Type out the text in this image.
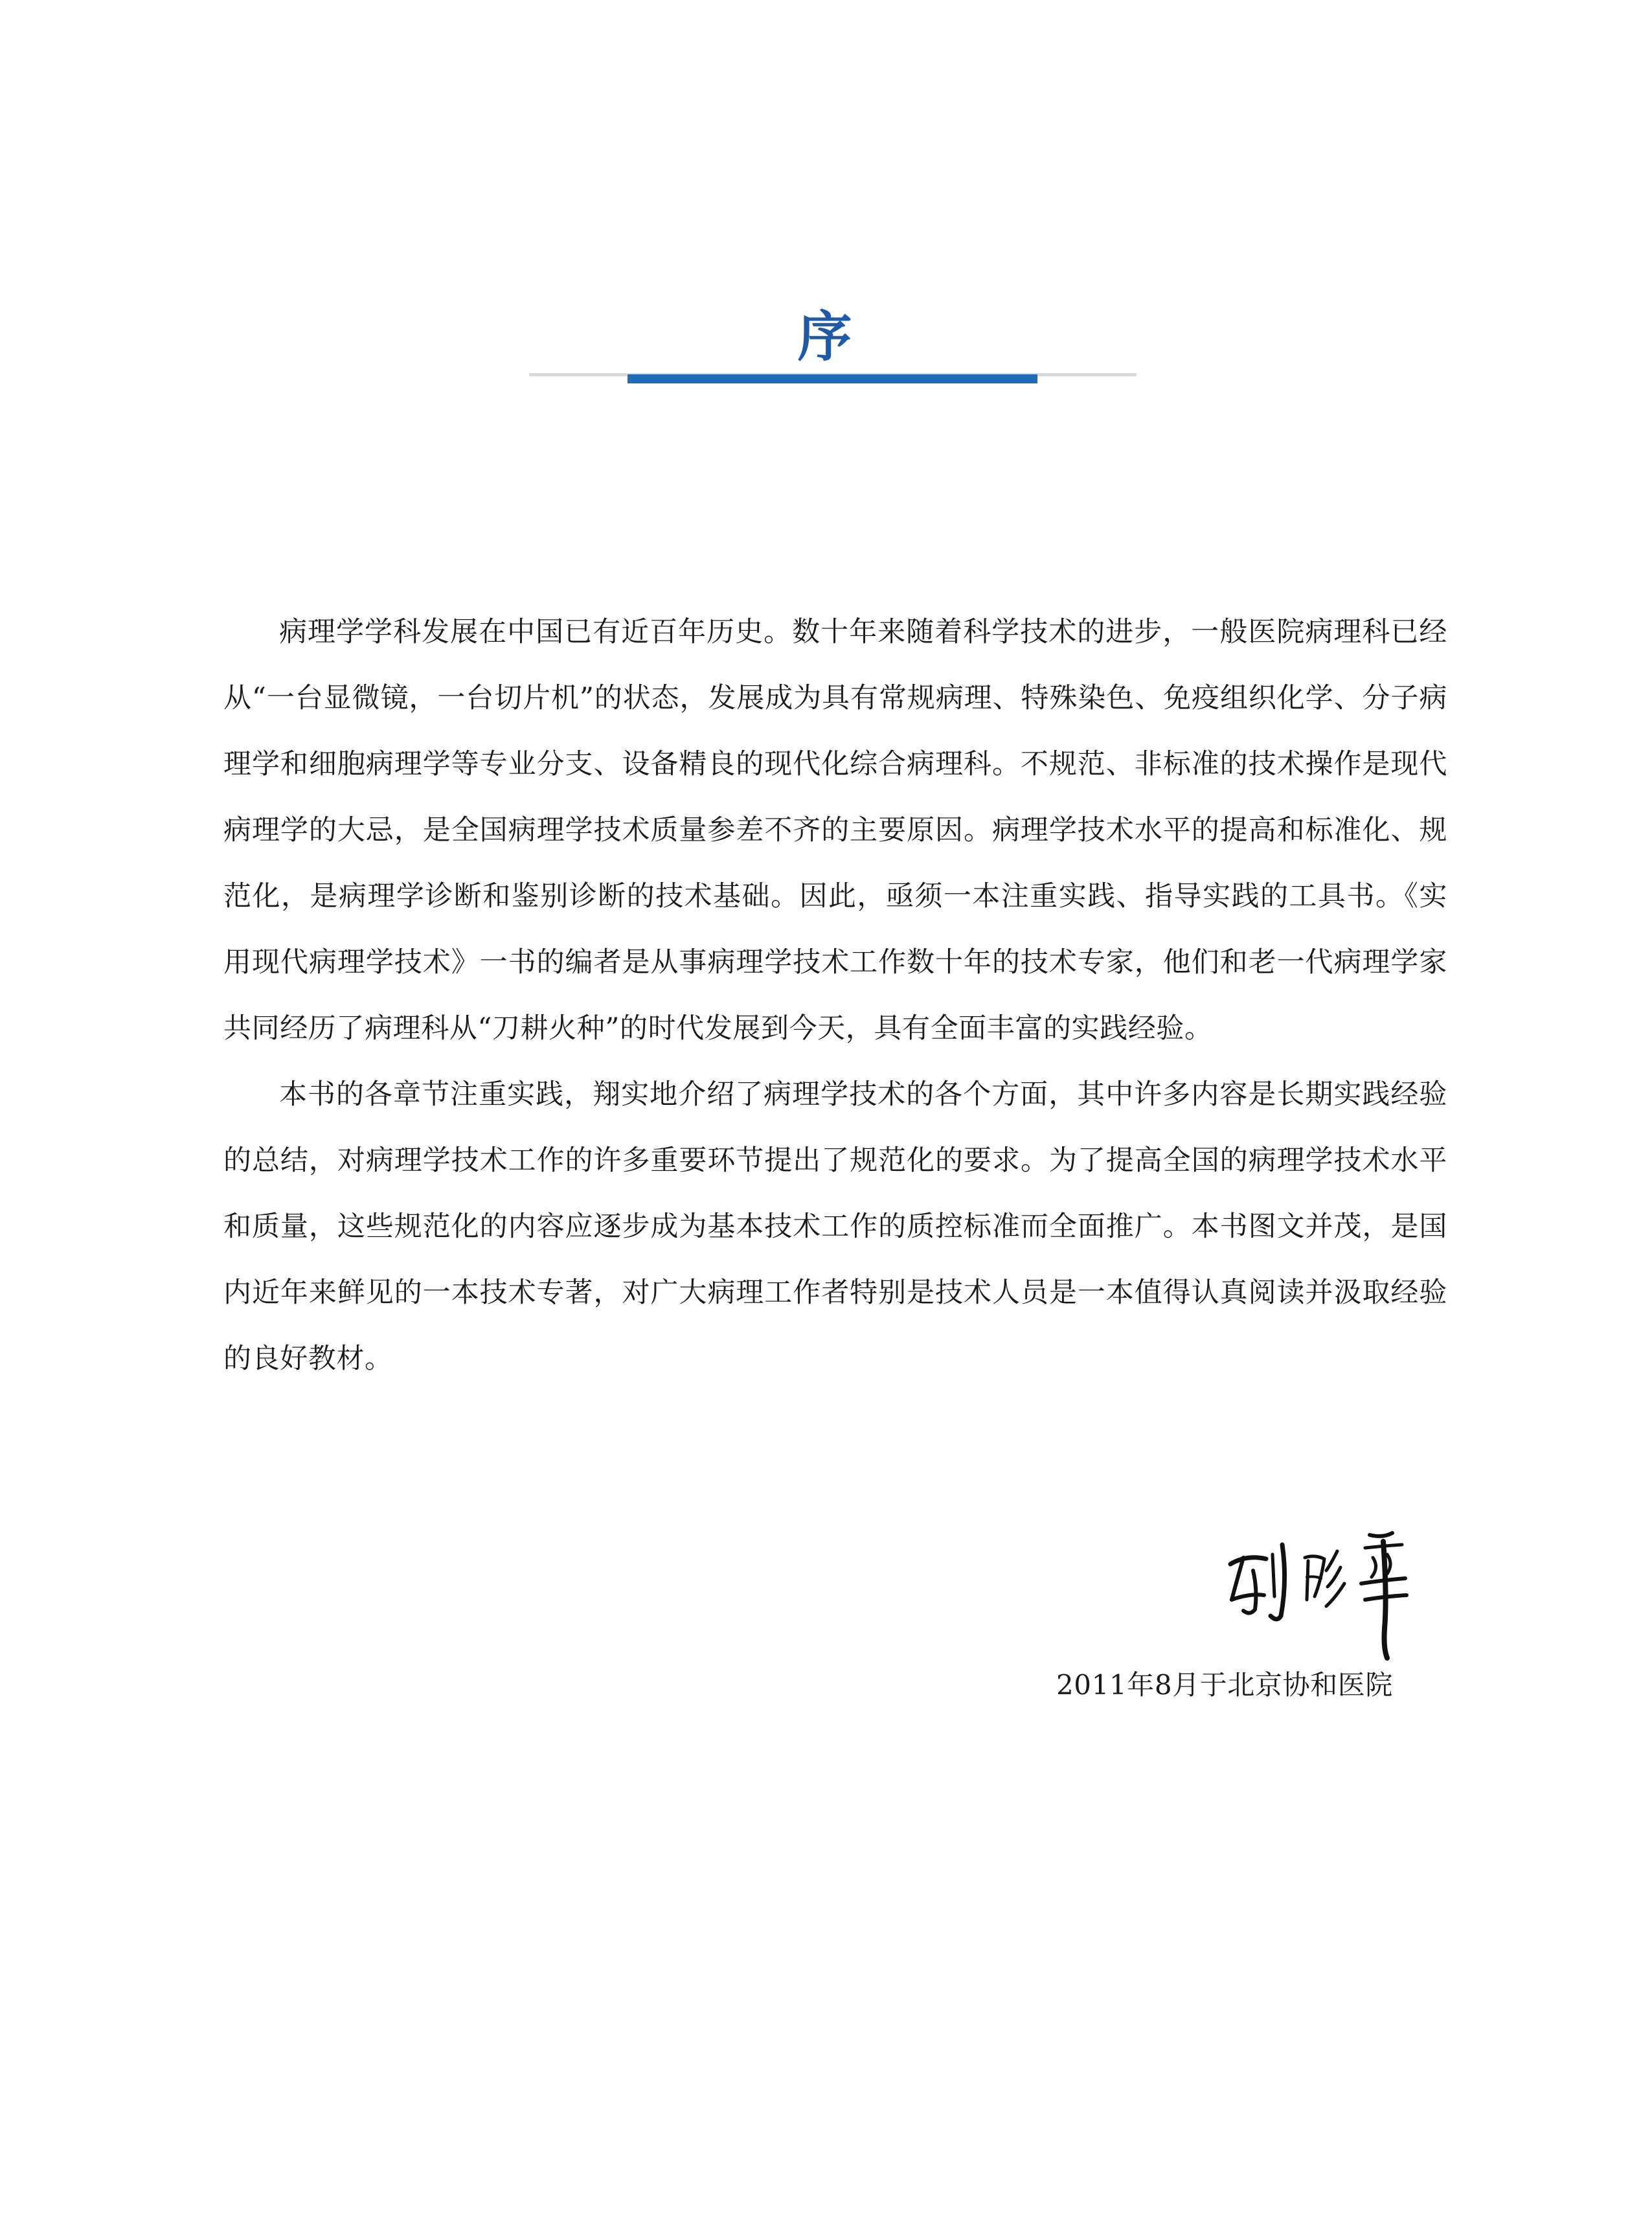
序

病理学学科发展在中国已有近百年历史。数十年来随着科学技术的进步，一般医院病理科已经从“一台显微镜，一台切片机”的状态，发展成为具有常规病理、特殊染色、免疫组织化学、分子病理学和细胞病理学等专业分支、设备精良的现代化综合病理科。不规范、非标准的技术操作是现代病理学的大忌，是全国病理学技术质量参差不齐的主要原因。病理学技术水平的提高和标准化、规范化，是病理学诊断和鉴别诊断的技术基础。因此，亟须一本注重实践、指导实践的工具书。《实用现代病理学技术》一书的编者是从事病理学技术工作数十年的技术专家，他们和老一代病理学家共同经历了病理科从“刀耕火种”的时代发展到今天，具有全面丰富的实践经验。

本书的各章节注重实践，翔实地介绍了病理学技术的各个方面，其中许多内容是长期实践经验的总结，对病理学技术工作的许多重要环节提出了规范化的要求。为了提高全国的病理学技术水平和质量，这些规范化的内容应逐步成为基本技术工作的质控标准而全面推广。本书图文并茂，是国内近年来鲜见的一本技术专著，对广大病理工作者特别是技术人员是一本值得认真阅读并汲取经验的良好教材。

2011年8月于北京协和医院
